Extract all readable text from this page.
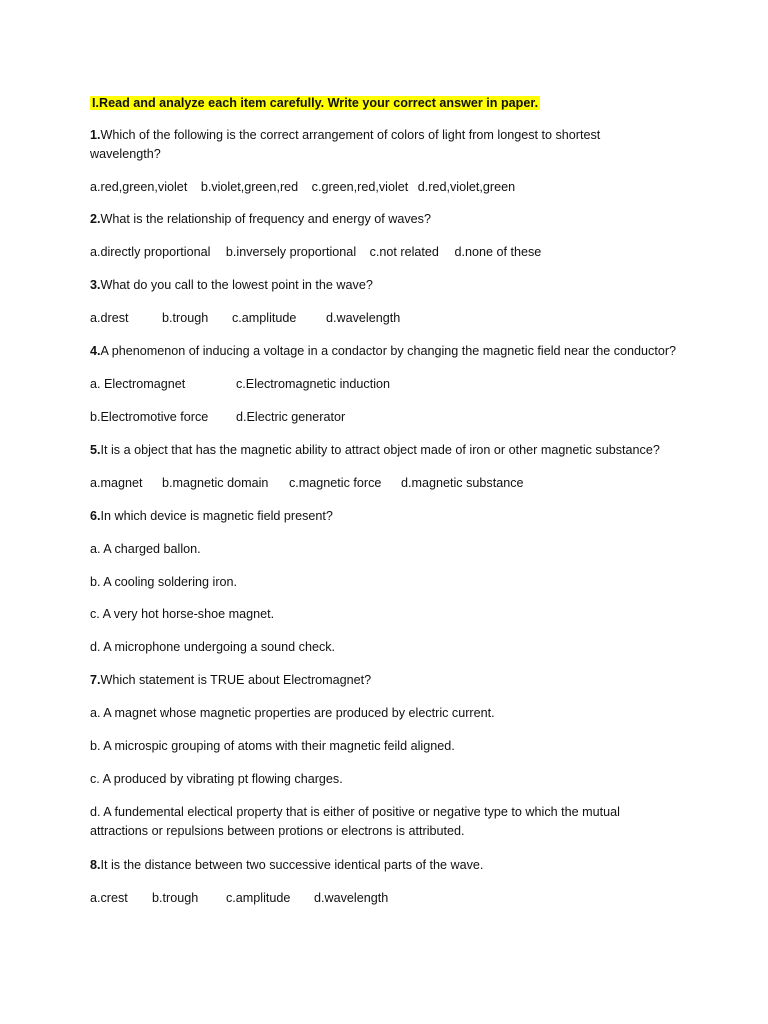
I.Read and analyze each item carefully. Write your correct answer in paper.
1.Which of the following is the correct arrangement of colors of light from longest to shortest wavelength?
a.red,green,violet b.violet,green,red c.green,red,violet d.red,violet,green
2.What is the relationship of frequency and energy of waves?
a.directly proportional b.inversely proportional c.not related d.none of these
3.What do you call to the lowest point in the wave?
a.drest	b.trough c.amplitude d.wavelength
4.A phenomenon of inducing a voltage in a condactor by changing the magnetic field near the conductor?
a. Electromagnet	c.Electromagnetic induction
b.Electromotive force d.Electric generator
5.It is a object that has the magnetic ability to attract object made of iron or other magnetic substance?
a.magnet b.magnetic domain c.magnetic force d.magnetic substance
6.In which device is magnetic field present?
a. A charged ballon.
b. A cooling soldering iron.
c. A very hot horse-shoe magnet.
d. A microphone undergoing a sound check.
7.Which statement is TRUE about Electromagnet?
a. A magnet whose magnetic properties are produced by electric current.
b. A microspic grouping of atoms with their magnetic feild aligned.
c. A produced by vibrating pt flowing charges.
d. A fundemental electical property that is either of positive or negative type to which the mutual attractions or repulsions between protions or electrons is attributed.
8.It is the distance between two successive identical parts of the wave.
a.crest b.trough c.amplitude d.wavelength
